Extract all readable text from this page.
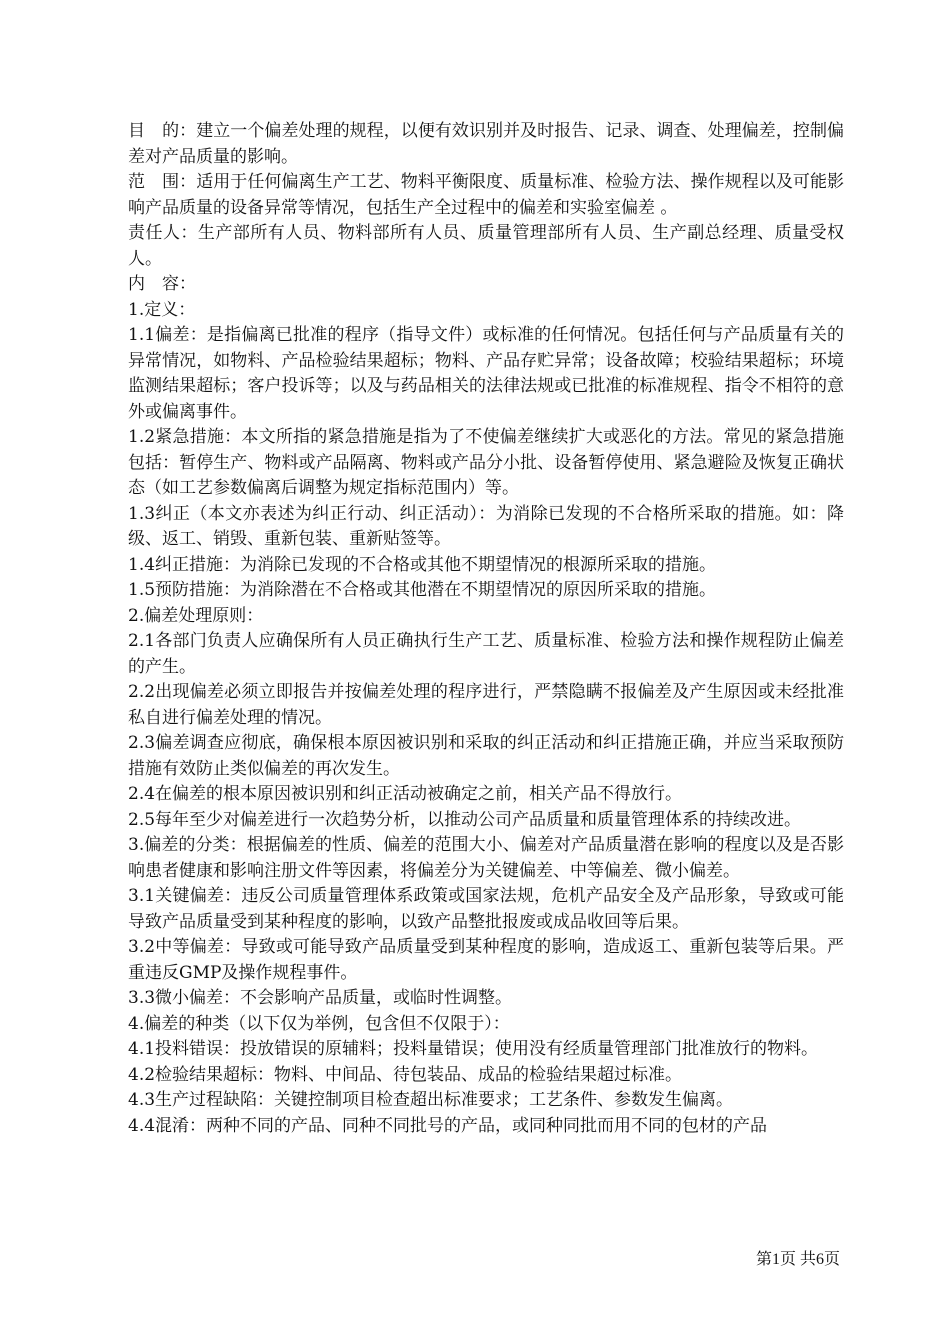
目　的：建立一个偏差处理的规程，以便有效识别并及时报告、记录、调查、处理偏差，控制偏差对产品质量的影响。

范　围：适用于任何偏离生产工艺、物料平衡限度、质量标准、检验方法、操作规程以及可能影响产品质量的设备异常等情况，包括生产全过程中的偏差和实验室偏差 。

责任人：生产部所有人员、物料部所有人员、质量管理部所有人员、生产副总经理、质量受权人。

内　容：

1.定义：

1.1偏差：是指偏离已批准的程序（指导文件）或标准的任何情况。包括任何与产品质量有关的异常情况，如物料、产品检验结果超标；物料、产品存贮异常；设备故障；校验结果超标；环境监测结果超标；客户投诉等；以及与药品相关的法律法规或已批准的标准规程、指令不相符的意外或偏离事件。

1.2紧急措施：本文所指的紧急措施是指为了不使偏差继续扩大或恶化的方法。常见的紧急措施包括：暂停生产、物料或产品隔离、物料或产品分小批、设备暂停使用、紧急避险及恢复正确状态（如工艺参数偏离后调整为规定指标范围内）等。

1.3纠正（本文亦表述为纠正行动、纠正活动）：为消除已发现的不合格所采取的措施。如：降级、返工、销毁、重新包装、重新贴签等。

1.4纠正措施：为消除已发现的不合格或其他不期望情况的根源所采取的措施。

1.5预防措施：为消除潜在不合格或其他潜在不期望情况的原因所采取的措施。

2.偏差处理原则：

2.1各部门负责人应确保所有人员正确执行生产工艺、质量标准、检验方法和操作规程防止偏差的产生。

2.2出现偏差必须立即报告并按偏差处理的程序进行，严禁隐瞒不报偏差及产生原因或未经批准私自进行偏差处理的情况。

2.3偏差调查应彻底，确保根本原因被识别和采取的纠正活动和纠正措施正确，并应当采取预防措施有效防止类似偏差的再次发生。

2.4在偏差的根本原因被识别和纠正活动被确定之前，相关产品不得放行。

2.5每年至少对偏差进行一次趋势分析，以推动公司产品质量和质量管理体系的持续改进。

3.偏差的分类：根据偏差的性质、偏差的范围大小、偏差对产品质量潜在影响的程度以及是否影响患者健康和影响注册文件等因素，将偏差分为关键偏差、中等偏差、微小偏差。

3.1关键偏差：违反公司质量管理体系政策或国家法规，危机产品安全及产品形象，导致或可能导致产品质量受到某种程度的影响，以致产品整批报废或成品收回等后果。

3.2中等偏差：导致或可能导致产品质量受到某种程度的影响，造成返工、重新包装等后果。严重违反GMP及操作规程事件。

3.3微小偏差：不会影响产品质量，或临时性调整。

4.偏差的种类（以下仅为举例，包含但不仅限于）：

4.1投料错误：投放错误的原辅料；投料量错误；使用没有经质量管理部门批准放行的物料。

4.2检验结果超标：物料、中间品、待包装品、成品的检验结果超过标准。

4.3生产过程缺陷：关键控制项目检查超出标准要求；工艺条件、参数发生偏离。

4.4混淆：两种不同的产品、同种不同批号的产品，或同种同批而用不同的包材的产品

第1页 共6页
